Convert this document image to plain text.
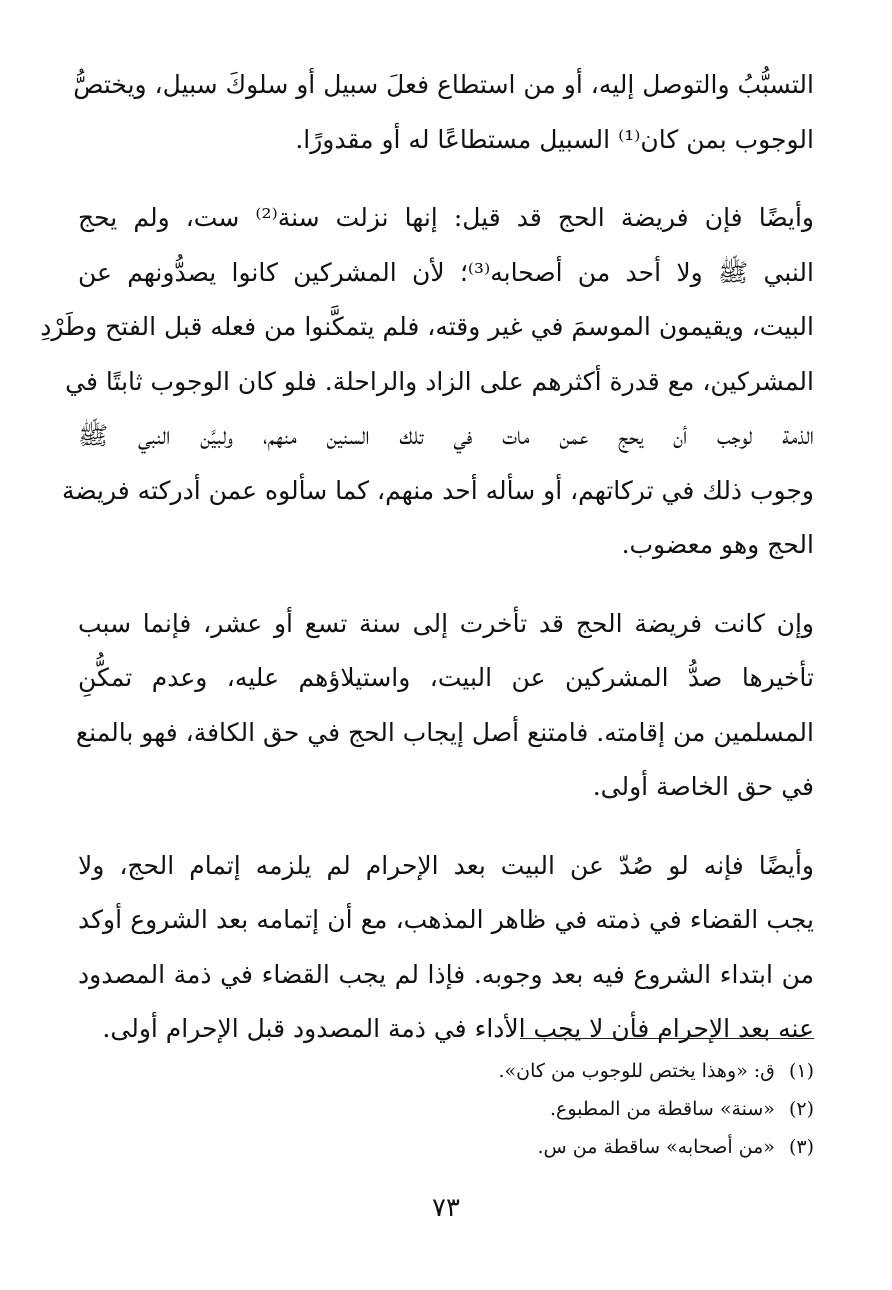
التسبُّبُ والتوصل إليه، أو من استطاع فعلَ سبيل أو سلوكَ سبيل، ويختصُّ
الوجوب بمن كان⁽¹⁾ السبيل مستطاعًا له أو مقدورًا.

وأيضًا فإن فريضة الحج قد قيل: إنها نزلت سنة⁽²⁾ ست، ولم يحج
النبي ﷺ ولا أحد من أصحابه⁽³⁾؛ لأن المشركين كانوا يصدُّونهم عن
البيت، ويقيمون الموسمَ في غير وقته، فلم يتمكَّنوا من فعله قبل الفتح وطَرْدِ
المشركين، مع قدرة أكثرهم على الزاد والراحلة. فلو كان الوجوب ثابتًا في
الذمة لوجب أن يحج عمن مات في تلك السنين منهم، ولبيَّن النبي ﷺ
وجوب ذلك في تركاتهم، أو سأله أحد منهم، كما سألوه عمن أدركته فريضة
الحج وهو معضوب.

وإن كانت فريضة الحج قد تأخرت إلى سنة تسع أو عشر، فإنما سبب
تأخيرها صدُّ المشركين عن البيت، واستيلاؤهم عليه، وعدم تمكُّنِ
المسلمين من إقامته. فامتنع أصل إيجاب الحج في حق الكافة، فهو بالمنع
في حق الخاصة أولى.

وأيضًا فإنه لو صُدّ عن البيت بعد الإحرام لم يلزمه إتمام الحج، ولا
يجب القضاء في ذمته في ظاهر المذهب، مع أن إتمامه بعد الشروع أوكد
من ابتداء الشروع فيه بعد وجوبه. فإذا لم يجب القضاء في ذمة المصدود
عنه بعد الإحرام فأن لا يجب الأداء في ذمة المصدود قبل الإحرام أولى.

(١)ق: «وهذا يختص للوجوب من كان».
(٢)«سنة» ساقطة من المطبوع.
(٣)«من أصحابه» ساقطة من س.
٧٣
